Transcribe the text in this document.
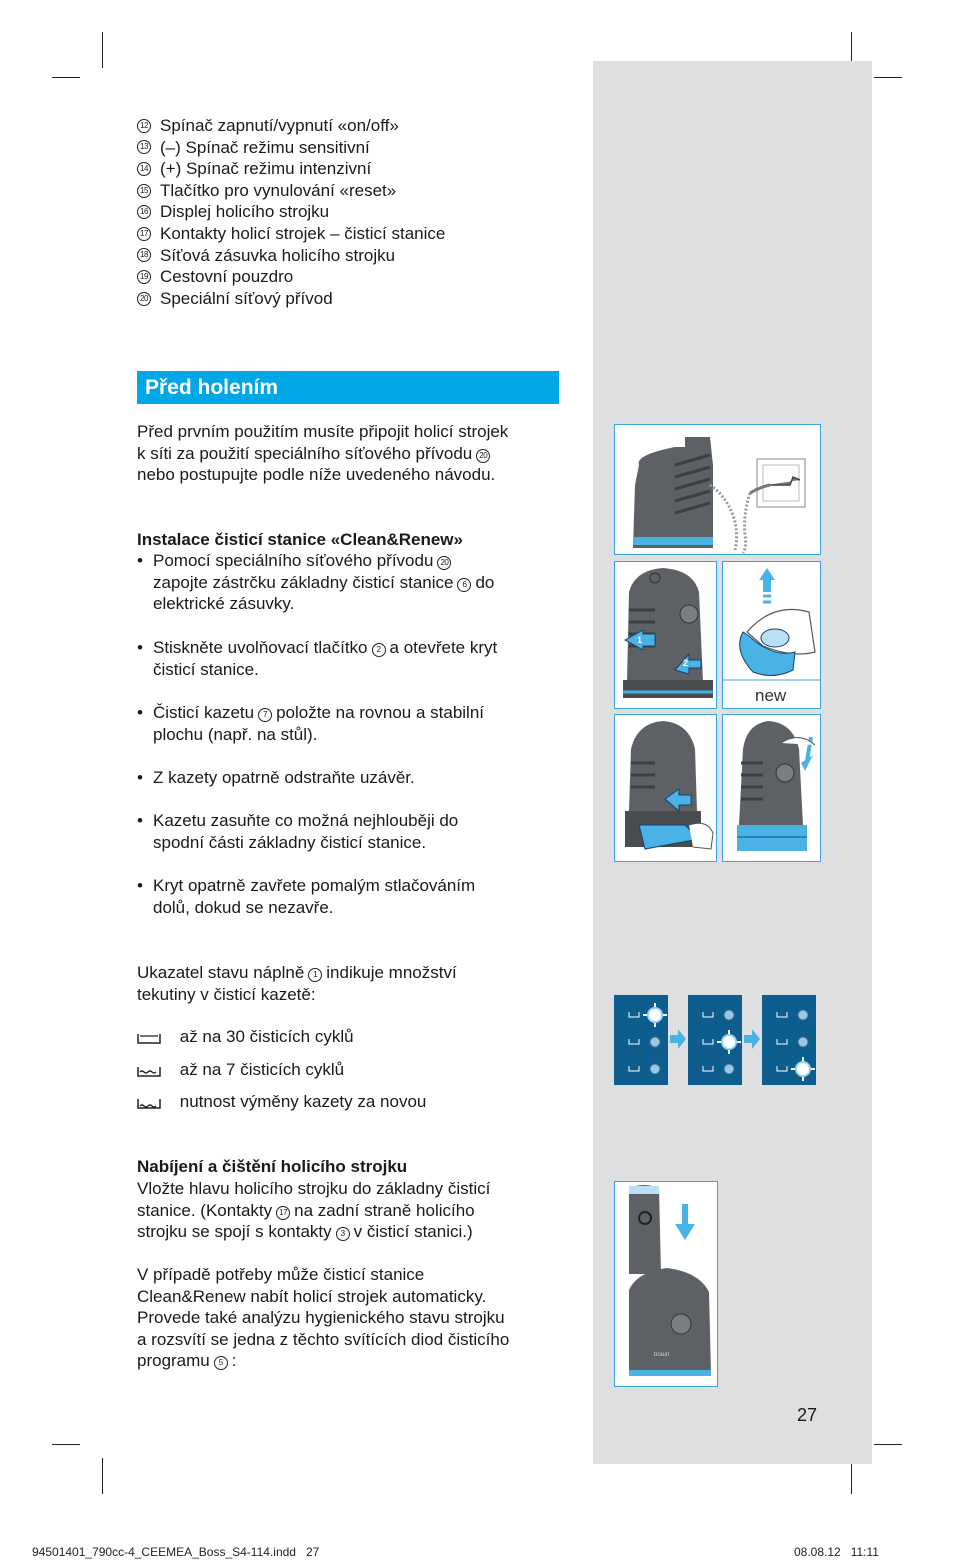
12 Spínač zapnutí/vypnutí «on/off»
13 (–) Spínač režimu sensitivní
14 (+) Spínač režimu intenzivní
15 Tlačítko pro vynulování «reset»
16 Displej holicího strojku
17 Kontakty holicí strojek – čisticí stanice
18 Síťová zásuvka holicího strojku
19 Cestovní pouzdro
20 Speciální síťový přívod
Před holením
Před prvním použitím musíte připojit holicí strojek
k síti za použití speciálního síťového přívodu 20
nebo postupujte podle níže uvedeného návodu.
Instalace čisticí stanice «Clean&Renew»
• Pomocí speciálního síťového přívodu 20
zapojte zástrčku základny čisticí stanice 6 do
elektrické zásuvky.
• Stiskněte uvolňovací tlačítko 2 a otevřete kryt
čisticí stanice.
• Čisticí kazetu 7 položte na rovnou a stabilní
plochu (např. na stůl).
• Z kazety opatrně odstraňte uzávěr.
• Kazetu zasuňte co možná nejhlouběji do
spodní části základny čisticí stanice.
• Kryt opatrně zavřete pomalým stlačováním
dolů, dokud se nezavře.
Ukazatel stavu náplně 1 indikuje množství
tekutiny v čisticí kazetě:
až na 30 čisticích cyklů
až na 7 čisticích cyklů
nutnost výměny kazety za novou
Nabíjení a čištění holicího strojku
Vložte hlavu holicího strojku do základny čisticí
stanice. (Kontakty 17 na zadní straně holicího
strojku se spojí s kontakty 3 v čisticí stanici.)
V případě potřeby může čisticí stanice
Clean&Renew nabít holicí strojek automaticky.
Provede také analýzu hygienického stavu strojku
a rozsvítí se jedna z těchto svítících diod čisticího
programu 5 :
1
2
new
braun
27
94501401_790cc-4_CEEMEA_Boss_S4-114.indd   27	08.08.12   11:11
